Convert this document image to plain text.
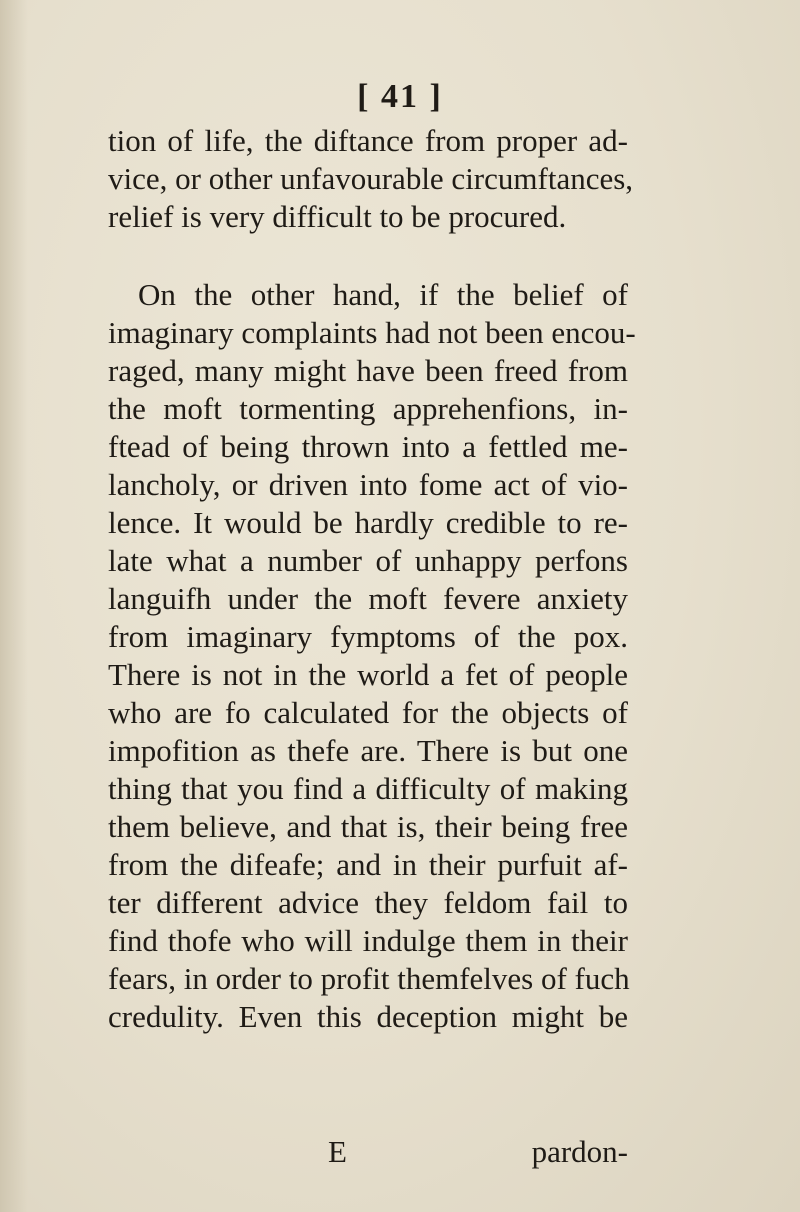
[ 41 ]
tion of life, the diftance from proper ad-
vice, or other unfavourable circumftances,
relief is very difficult to be procured.
On the other hand, if the belief of
imaginary complaints had not been encou-
raged, many might have been freed from
the moft tormenting apprehenfions, in-
ftead of being thrown into a fettled me-
lancholy, or driven into fome act of vio-
lence. It would be hardly credible to re-
late what a number of unhappy perfons
languifh under the moft fevere anxiety
from imaginary fymptoms of the pox.
There is not in the world a fet of people
who are fo calculated for the objects of
impofition as thefe are. There is but one
thing that you find a difficulty of making
them believe, and that is, their being free
from the difeafe; and in their purfuit af-
ter different advice they feldom fail to
find thofe who will indulge them in their
fears, in order to profit themfelves of fuch
credulity. Even this deception might be
E	pardon-
